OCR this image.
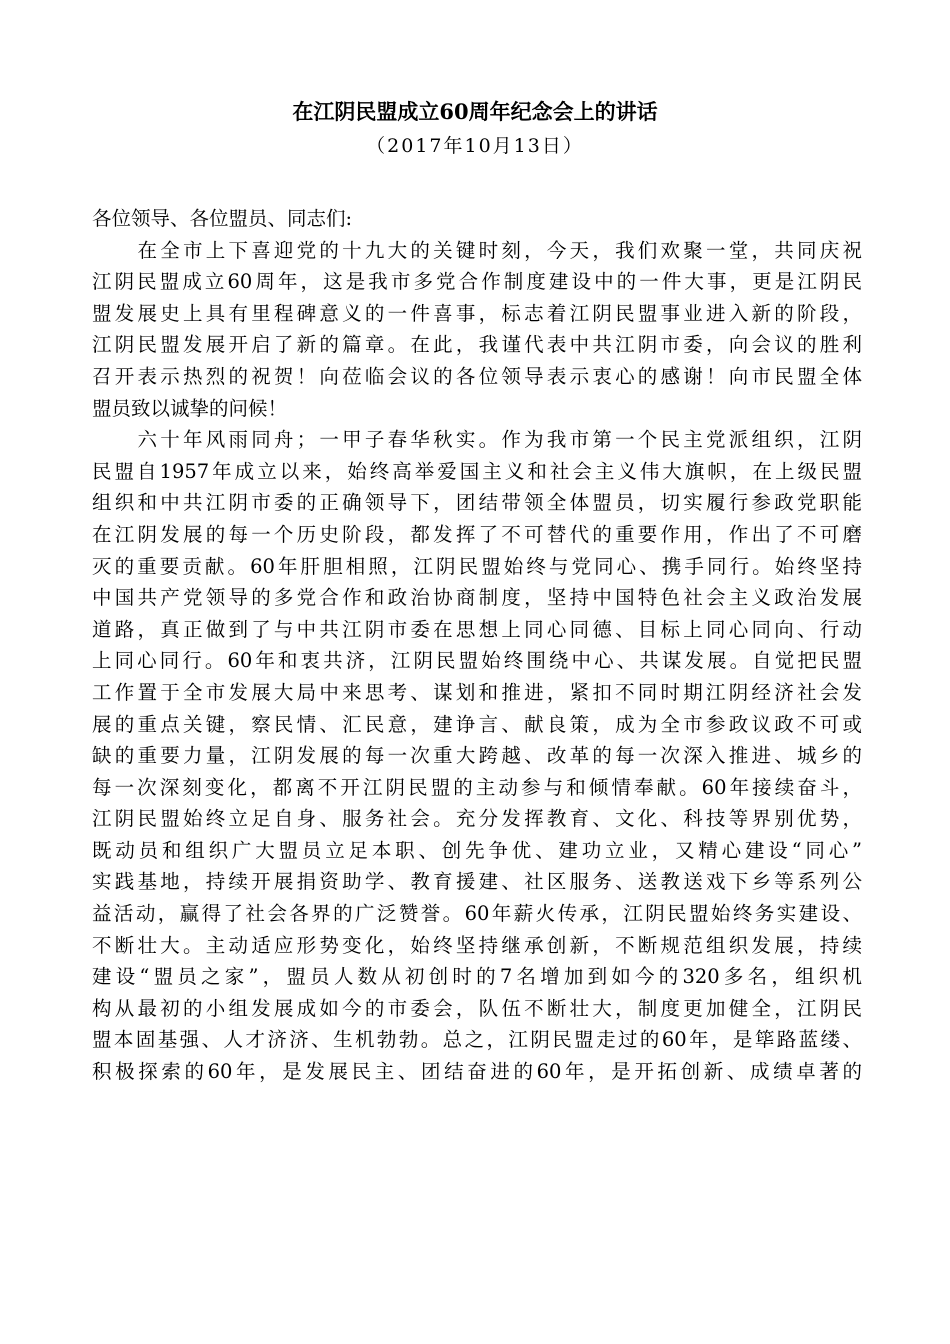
在江阴民盟成立60周年纪念会上的讲话
（2017年10月13日）
各位领导、各位盟员、同志们:
　　在全市上下喜迎党的十九大的关键时刻，今天，我们欢聚一堂，共同庆祝
江阴民盟成立60周年，这是我市多党合作制度建设中的一件大事，更是江阴民
盟发展史上具有里程碑意义的一件喜事，标志着江阴民盟事业进入新的阶段，
江阴民盟发展开启了新的篇章。在此，我谨代表中共江阴市委，向会议的胜利
召开表示热烈的祝贺！向莅临会议的各位领导表示衷心的感谢！向市民盟全体
盟员致以诚挚的问候！
　　六十年风雨同舟；一甲子春华秋实。作为我市第一个民主党派组织，江阴
民盟自1957年成立以来，始终高举爱国主义和社会主义伟大旗帜，在上级民盟
组织和中共江阴市委的正确领导下，团结带领全体盟员，切实履行参政党职能
在江阴发展的每一个历史阶段，都发挥了不可替代的重要作用，作出了不可磨
灭的重要贡献。60年肝胆相照，江阴民盟始终与党同心、携手同行。始终坚持
中国共产党领导的多党合作和政治协商制度，坚持中国特色社会主义政治发展
道路，真正做到了与中共江阴市委在思想上同心同德、目标上同心同向、行动
上同心同行。60年和衷共济，江阴民盟始终围绕中心、共谋发展。自觉把民盟
工作置于全市发展大局中来思考、谋划和推进，紧扣不同时期江阴经济社会发
展的重点关键，察民情、汇民意，建诤言、献良策，成为全市参政议政不可或
缺的重要力量，江阴发展的每一次重大跨越、改革的每一次深入推进、城乡的
每一次深刻变化，都离不开江阴民盟的主动参与和倾情奉献。60年接续奋斗，
江阴民盟始终立足自身、服务社会。充分发挥教育、文化、科技等界别优势，
既动员和组织广大盟员立足本职、创先争优、建功立业，又精心建设“同心”
实践基地，持续开展捐资助学、教育援建、社区服务、送教送戏下乡等系列公
益活动，赢得了社会各界的广泛赞誉。60年薪火传承，江阴民盟始终务实建设、
不断壮大。主动适应形势变化，始终坚持继承创新，不断规范组织发展，持续
建设“盟员之家”，盟员人数从初创时的7名增加到如今的320多名，组织机
构从最初的小组发展成如今的市委会，队伍不断壮大，制度更加健全，江阴民
盟本固基强、人才济济、生机勃勃。总之，江阴民盟走过的60年，是筚路蓝缕、
积极探索的60年，是发展民主、团结奋进的60年，是开拓创新、成绩卓著的
